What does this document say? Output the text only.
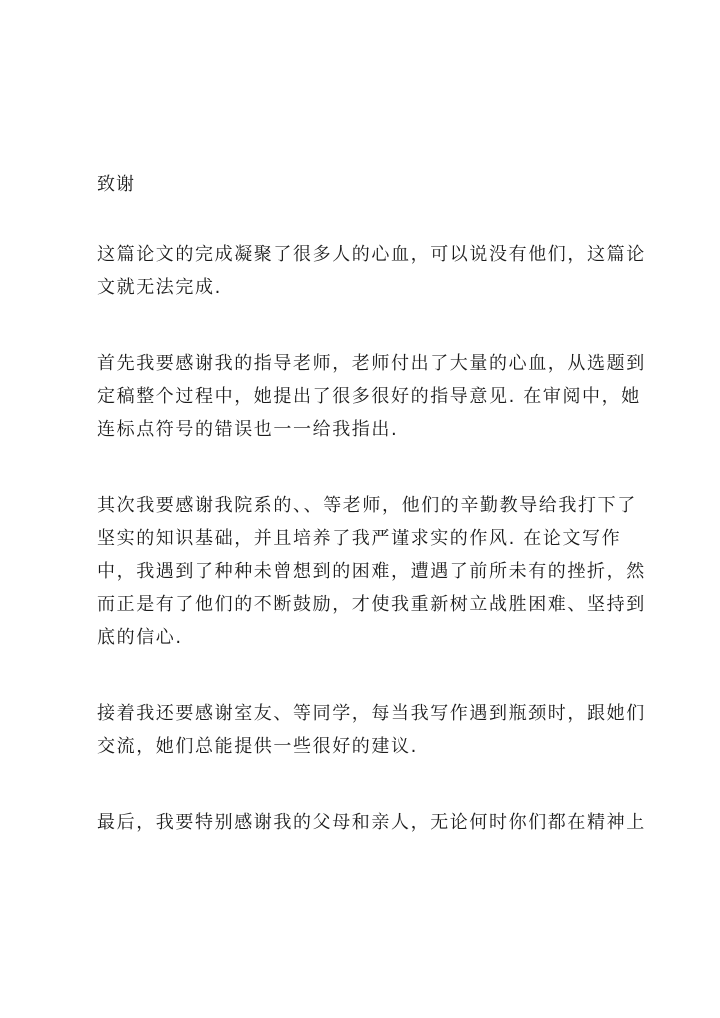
致谢

这篇论文的完成凝聚了很多人的心血，可以说没有他们，这篇论
文就无法完成.

首先我要感谢我的指导老师，老师付出了大量的心血，从选题到
定稿整个过程中，她提出了很多很好的指导意见. 在审阅中，她
连标点符号的错误也一一给我指出.

其次我要感谢我院系的、、等老师，他们的辛勤教导给我打下了
坚实的知识基础，并且培养了我严谨求实的作风. 在论文写作
中，我遇到了种种未曾想到的困难，遭遇了前所未有的挫折，然
而正是有了他们的不断鼓励，才使我重新树立战胜困难、坚持到
底的信心.

接着我还要感谢室友、等同学，每当我写作遇到瓶颈时，跟她们
交流，她们总能提供一些很好的建议.

最后，我要特别感谢我的父母和亲人，无论何时你们都在精神上
